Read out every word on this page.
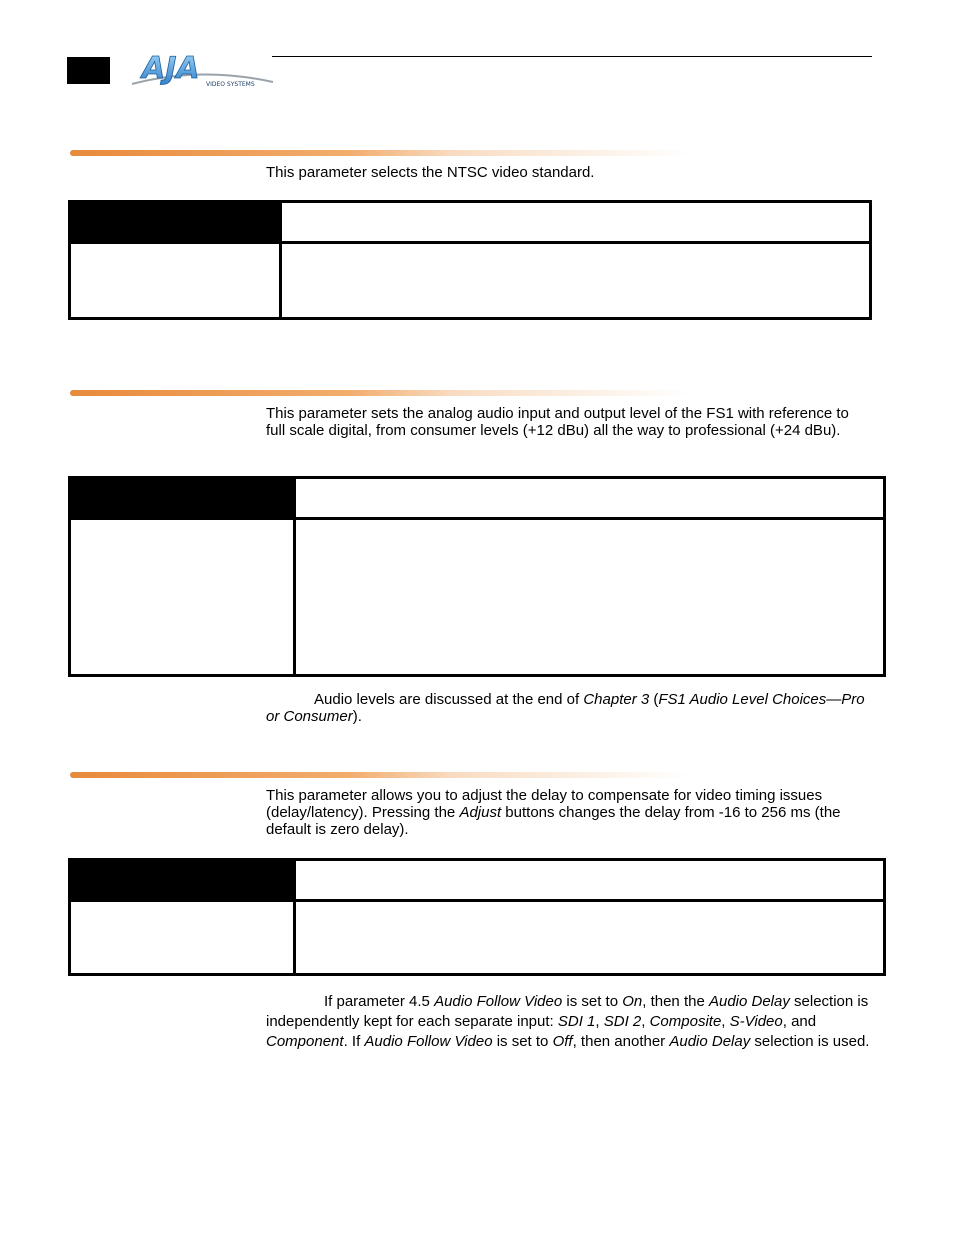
AJA VIDEO SYSTEMS
This parameter selects the NTSC video standard.
This parameter sets the analog audio input and output level of the FS1 with reference to full scale digital, from consumer levels (+12 dBu) all the way to professional (+24 dBu).
Audio levels are discussed at the end of Chapter 3 (FS1 Audio Level Choices—Pro or Consumer).
This parameter allows you to adjust the delay to compensate for video timing issues (delay/latency). Pressing the Adjust buttons changes the delay from -16 to 256 ms (the default is zero delay).
If parameter 4.5 Audio Follow Video is set to On, then the Audio Delay selection is independently kept for each separate input: SDI 1, SDI 2, Composite, S-Video, and Component. If Audio Follow Video is set to Off, then another Audio Delay selection is used.
